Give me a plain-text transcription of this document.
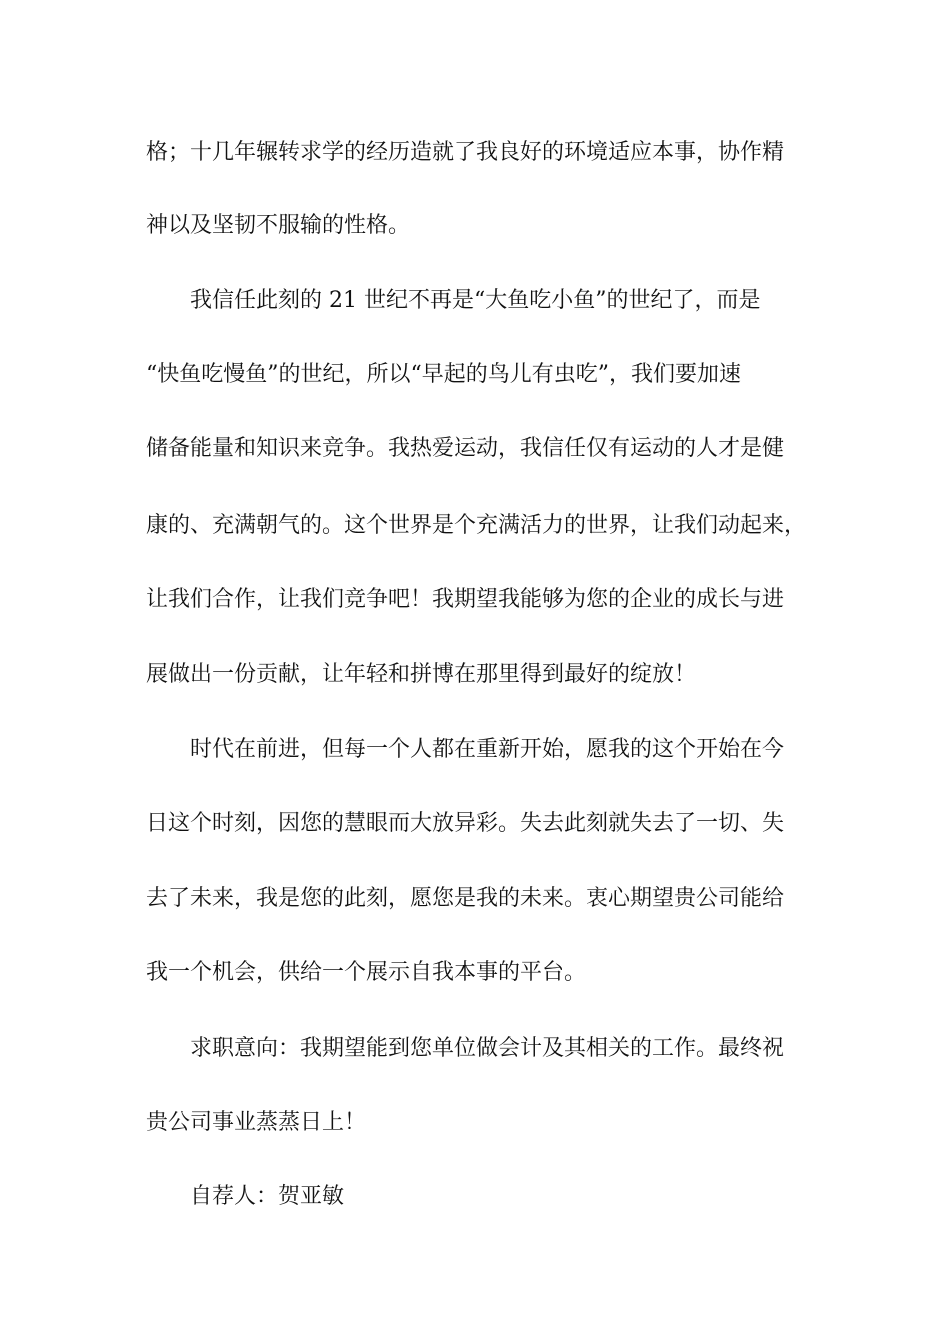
格；十几年辗转求学的经历造就了我良好的环境适应本事，协作精
神以及坚韧不服输的性格。
我信任此刻的 21 世纪不再是“大鱼吃小鱼”的世纪了，而是
“快鱼吃慢鱼”的世纪，所以“早起的鸟儿有虫吃”，我们要加速
储备能量和知识来竞争。我热爱运动，我信任仅有运动的人才是健
康的、充满朝气的。这个世界是个充满活力的世界，让我们动起来，
让我们合作，让我们竞争吧！我期望我能够为您的企业的成长与进
展做出一份贡献，让年轻和拼博在那里得到最好的绽放！
时代在前进，但每一个人都在重新开始，愿我的这个开始在今
日这个时刻，因您的慧眼而大放异彩。失去此刻就失去了一切、失
去了未来，我是您的此刻，愿您是我的未来。衷心期望贵公司能给
我一个机会，供给一个展示自我本事的平台。
求职意向：我期望能到您单位做会计及其相关的工作。最终祝
贵公司事业蒸蒸日上！
自荐人：贺亚敏
